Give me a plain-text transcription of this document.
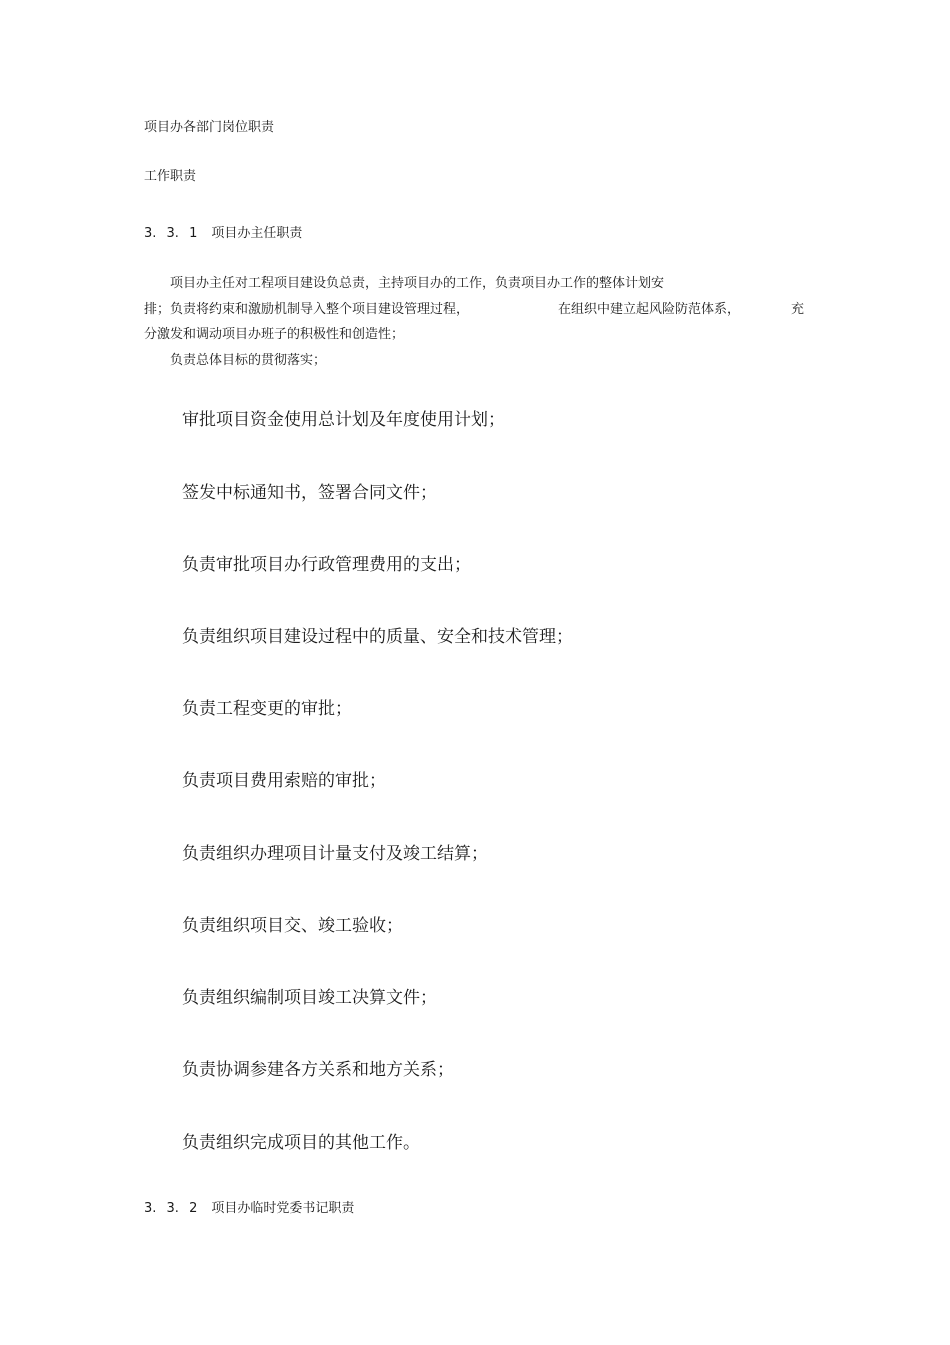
项目办各部门岗位职责
工作职责
3. 3. 1 项目办主任职责
项目办主任对工程项目建设负总责，主持项目办的工作，负责项目办工作的整体计划安
排；负责将约束和激励机制导入整个项目建设管理过程，	在组织中建立起风险防范体系，	充
分激发和调动项目办班子的积极性和创造性；
负责总体目标的贯彻落实；
审批项目资金使用总计划及年度使用计划；
签发中标通知书，签署合同文件；
负责审批项目办行政管理费用的支出；
负责组织项目建设过程中的质量、安全和技术管理；
负责工程变更的审批；
负责项目费用索赔的审批；
负责组织办理项目计量支付及竣工结算；
负责组织项目交、竣工验收；
负责组织编制项目竣工决算文件；
负责协调参建各方关系和地方关系；
负责组织完成项目的其他工作。
3. 3. 2 项目办临时党委书记职责
